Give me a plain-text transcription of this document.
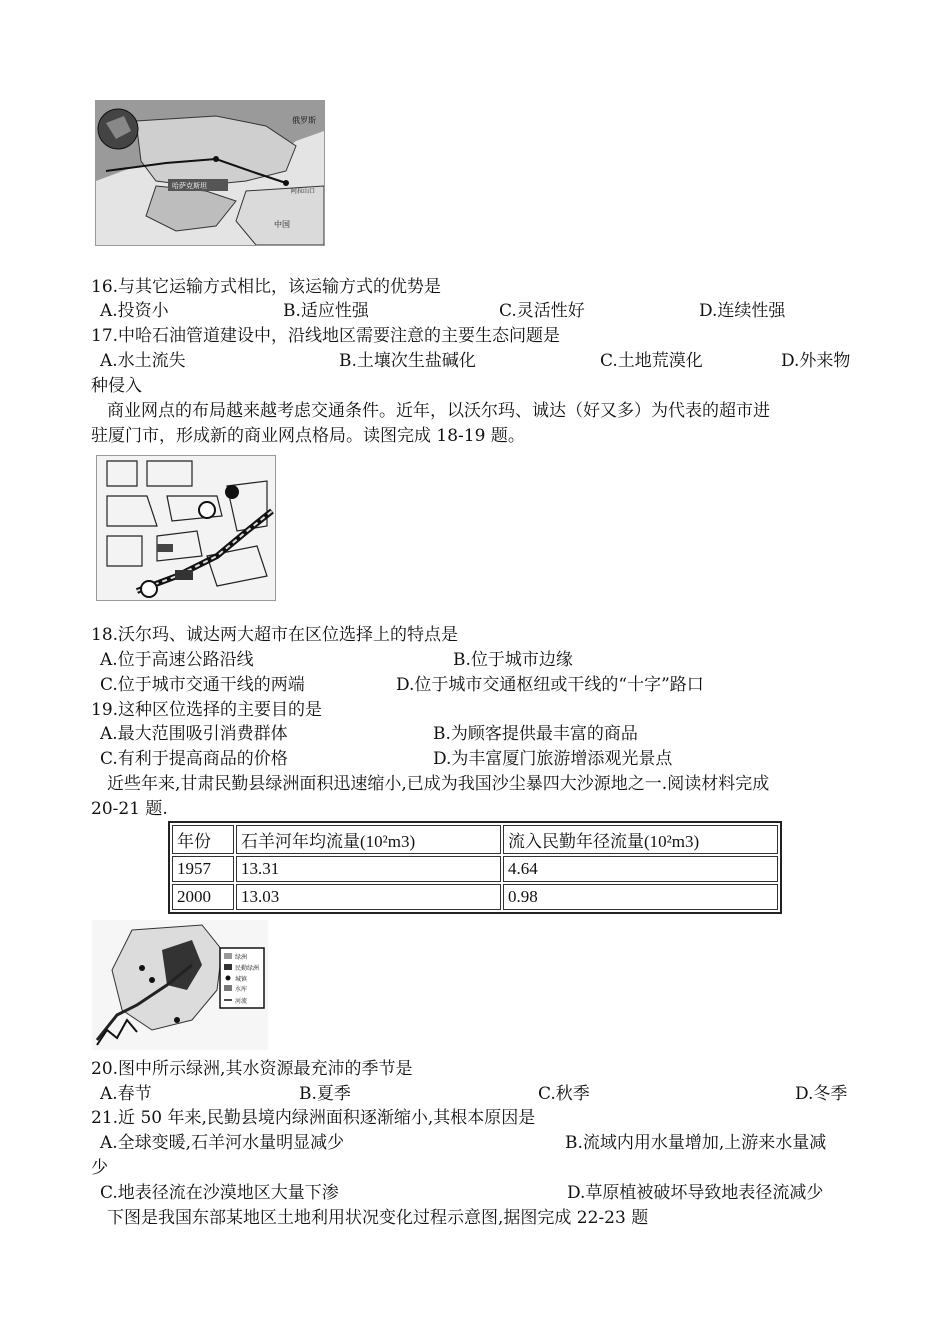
俄罗斯
哈萨克斯坦
中国
阿拉山口
16.与其它运输方式相比，该运输方式的优势是
A.投资小	B.适应性强	C.灵活性好	D.连续性强
17.中哈石油管道建设中，沿线地区需要注意的主要生态问题是
A.水土流失	B.土壤次生盐碱化	C.土地荒漠化	D.外来物
种侵入
商业网点的布局越来越考虑交通条件。近年，以沃尔玛、诚达（好又多）为代表的超市进
驻厦门市，形成新的商业网点格局。读图完成 18-19 题。
18.沃尔玛、诚达两大超市在区位选择上的特点是
A.位于高速公路沿线	B.位于城市边缘
C.位于城市交通干线的两端	D.位于城市交通枢纽或干线的“十字”路口
19.这种区位选择的主要目的是
A.最大范围吸引消费群体	B.为顾客提供最丰富的商品
C.有利于提高商品的价格	D.为丰富厦门旅游增添观光景点
近些年来,甘肃民勤县绿洲面积迅速缩小,已成为我国沙尘暴四大沙源地之一.阅读材料完成
20-21 题.
年份	石羊河年均流量(10²m3)	流入民勤年径流量(10²m3)
1957	13.31	4.64
2000	13.03	0.98
绿洲
民勤绿洲
城镇
水库
河流
20.图中所示绿洲,其水资源最充沛的季节是
A.春节	B.夏季	C.秋季	D.冬季
21.近 50 年来,民勤县境内绿洲面积逐渐缩小,其根本原因是
A.全球变暖,石羊河水量明显减少	B.流域内用水量增加,上游来水量减
少
C.地表径流在沙漠地区大量下渗	D.草原植被破坏导致地表径流减少
下图是我国东部某地区土地利用状况变化过程示意图,据图完成 22-23 题
